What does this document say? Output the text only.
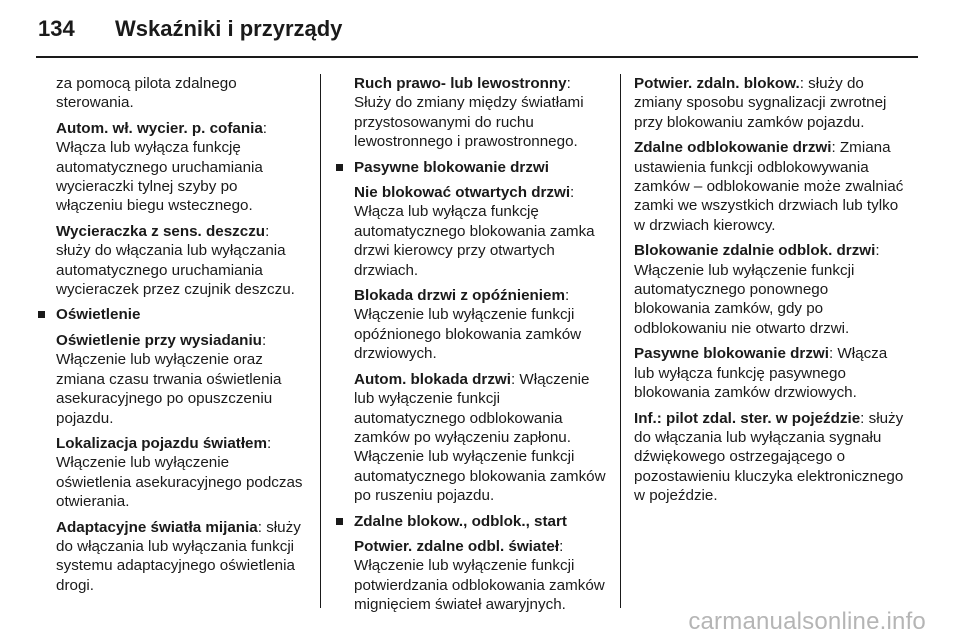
134 Wskaźniki i przyrządy

za pomocą pilota zdalnego sterowania.

Autom. wł. wycier. p. cofania: Włącza lub wyłącza funkcję automatycznego uruchamiania wycieraczki tylnej szyby po włączeniu biegu wstecznego.

Wycieraczka z sens. deszczu: służy do włączania lub wyłączania automatycznego uruchamiania wycieraczek przez czujnik deszczu.

Oświetlenie

Oświetlenie przy wysiadaniu: Włączenie lub wyłączenie oraz zmiana czasu trwania oświetlenia asekuracyjnego po opuszczeniu pojazdu.

Lokalizacja pojazdu światłem: Włączenie lub wyłączenie oświetlenia asekuracyjnego podczas otwierania.

Adaptacyjne światła mijania: służy do włączania lub wyłączania funkcji systemu adaptacyjnego oświetlenia drogi.

Ruch prawo- lub lewostronny: Służy do zmiany między światłami przystosowanymi do ruchu lewostronnego i prawostronnego.

Pasywne blokowanie drzwi

Nie blokować otwartych drzwi: Włącza lub wyłącza funkcję automatycznego blokowania zamka drzwi kierowcy przy otwartych drzwiach.

Blokada drzwi z opóźnieniem: Włączenie lub wyłączenie funkcji opóźnionego blokowania zamków drzwiowych.

Autom. blokada drzwi: Włączenie lub wyłączenie funkcji automatycznego odblokowania zamków po wyłączeniu zapłonu. Włączenie lub wyłączenie funkcji automatycznego blokowania zamków po ruszeniu pojazdu.

Zdalne blokow., odblok., start

Potwier. zdalne odbl. świateł: Włączenie lub wyłączenie funkcji potwierdzania odblokowania zamków mignięciem świateł awaryjnych.

Potwier. zdaln. blokow.: służy do zmiany sposobu sygnalizacji zwrotnej przy blokowaniu zamków pojazdu.

Zdalne odblokowanie drzwi: Zmiana ustawienia funkcji odblokowywania zamków – odblokowanie może zwalniać zamki we wszystkich drzwiach lub tylko w drzwiach kierowcy.

Blokowanie zdalnie odblok. drzwi: Włączenie lub wyłączenie funkcji automatycznego ponownego blokowania zamków, gdy po odblokowaniu nie otwarto drzwi.

Pasywne blokowanie drzwi: Włącza lub wyłącza funkcję pasywnego blokowania zamków drzwiowych.

Inf.: pilot zdal. ster. w pojeździe: służy do włączania lub wyłączania sygnału dźwiękowego ostrzegającego o pozostawieniu kluczyka elektronicznego w pojeździe.

carmanualsonline.info
